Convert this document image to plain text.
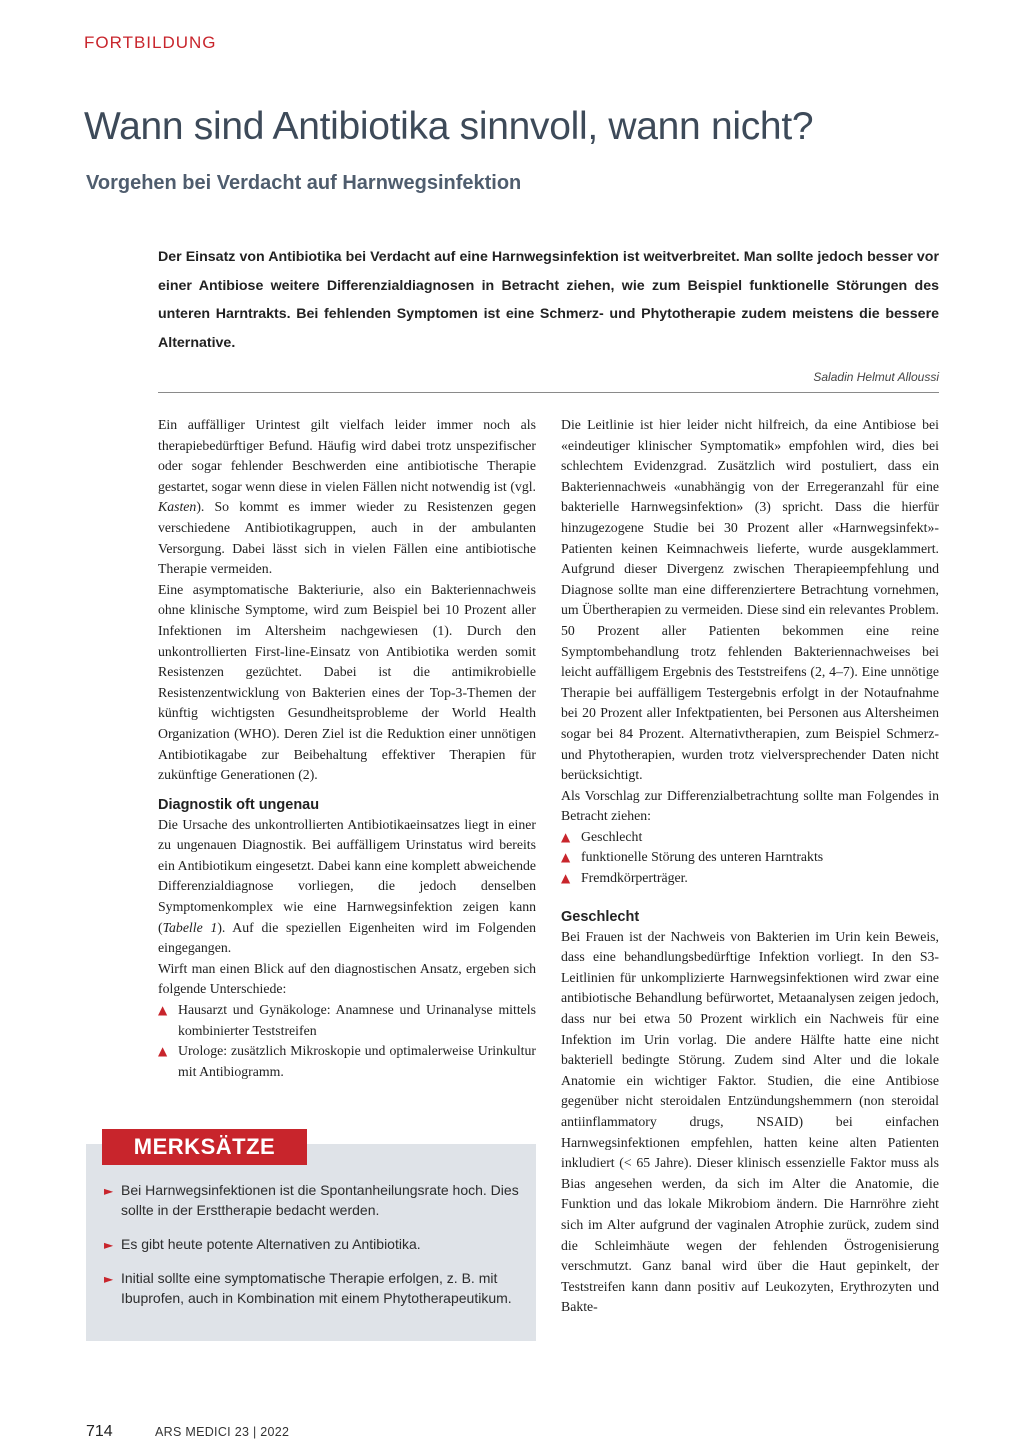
FORTBILDUNG
Wann sind Antibiotika sinnvoll, wann nicht?
Vorgehen bei Verdacht auf Harnwegsinfektion

Der Einsatz von Antibiotika bei Verdacht auf eine Harnwegsinfektion ist weitverbreitet. Man sollte jedoch besser vor einer Antibiose weitere Differenzialdiagnosen in Betracht ziehen, wie zum Beispiel funktionelle Störungen des unteren Harntrakts. Bei fehlenden Symptomen ist eine Schmerz- und Phytotherapie zudem meistens die bessere Alternative.

Saladin Helmut Alloussi

Ein auffälliger Urintest gilt vielfach leider immer noch als therapiebedürftiger Befund. Häufig wird dabei trotz unspezifischer oder sogar fehlender Beschwerden eine antibiotische Therapie gestartet, sogar wenn diese in vielen Fällen nicht notwendig ist (vgl. Kasten). So kommt es immer wieder zu Resistenzen gegen verschiedene Antibiotikagruppen, auch in der ambulanten Versorgung. Dabei lässt sich in vielen Fällen eine antibiotische Therapie vermeiden.

Eine asymptomatische Bakteriurie, also ein Bakteriennachweis ohne klinische Symptome, wird zum Beispiel bei 10 Prozent aller Infektionen im Altersheim nachgewiesen (1). Durch den unkontrollierten First-line-Einsatz von Antibiotika werden somit Resistenzen gezüchtet. Dabei ist die antimikrobielle Resistenzentwicklung von Bakterien eines der Top-3-Themen der künftig wichtigsten Gesundheitsprobleme der World Health Organization (WHO). Deren Ziel ist die Reduktion einer unnötigen Antibiotikagabe zur Beibehaltung effektiver Therapien für zukünftige Generationen (2).

Diagnostik oft ungenau

Die Ursache des unkontrollierten Antibiotikaeinsatzes liegt in einer zu ungenauen Diagnostik. Bei auffälligem Urinstatus wird bereits ein Antibiotikum eingesetzt. Dabei kann eine komplett abweichende Differenzialdiagnose vorliegen, die jedoch denselben Symptomenkomplex wie eine Harnwegsinfektion zeigen kann (Tabelle 1). Auf die speziellen Eigenheiten wird im Folgenden eingegangen.

Wirft man einen Blick auf den diagnostischen Ansatz, ergeben sich folgende Unterschiede:

▲ Hausarzt und Gynäkologe: Anamnese und Urinanalyse mittels kombinierter Teststreifen
▲ Urologe: zusätzlich Mikroskopie und optimalerweise Urinkultur mit Antibiogramm.

Die Leitlinie ist hier leider nicht hilfreich, da eine Antibiose bei «eindeutiger klinischer Symptomatik» empfohlen wird, dies bei schlechtem Evidenzgrad. Zusätzlich wird postuliert, dass ein Bakteriennachweis «unabhängig von der Erregeranzahl für eine bakterielle Harnwegsinfektion» (3) spricht. Dass die hierfür hinzugezogene Studie bei 30 Prozent aller «Harnwegsinfekt»-Patienten keinen Keimnachweis lieferte, wurde ausgeklammert. Aufgrund dieser Divergenz zwischen Therapieempfehlung und Diagnose sollte man eine differenziertere Betrachtung vornehmen, um Übertherapien zu vermeiden. Diese sind ein relevantes Problem. 50 Prozent aller Patienten bekommen eine reine Symptombehandlung trotz fehlenden Bakteriennachweises bei leicht auffälligem Ergebnis des Teststreifens (2, 4–7). Eine unnötige Therapie bei auffälligem Testergebnis erfolgt in der Notaufnahme bei 20 Prozent aller Infektpatienten, bei Personen aus Altersheimen sogar bei 84 Prozent. Alternativtherapien, zum Beispiel Schmerz- und Phytotherapien, wurden trotz vielversprechender Daten nicht berücksichtigt.

Als Vorschlag zur Differenzialbetrachtung sollte man Folgendes in Betracht ziehen:

▲ Geschlecht
▲ funktionelle Störung des unteren Harntrakts
▲ Fremdkörperträger.
Geschlecht

Bei Frauen ist der Nachweis von Bakterien im Urin kein Beweis, dass eine behandlungsbedürftige Infektion vorliegt. In den S3-Leitlinien für unkomplizierte Harnwegsinfektionen wird zwar eine antibiotische Behandlung befürwortet, Metaanalysen zeigen jedoch, dass nur bei etwa 50 Prozent wirklich ein Nachweis für eine Infektion im Urin vorlag. Die andere Hälfte hatte eine nicht bakteriell bedingte Störung. Zudem sind Alter und die lokale Anatomie ein wichtiger Faktor. Studien, die eine Antibiose gegenüber nicht steroidalen Entzündungshemmern (non steroidal antiinflammatory drugs, NSAID) bei einfachen Harnwegsinfektionen empfehlen, hatten keine alten Patienten inkludiert (< 65 Jahre). Dieser klinisch essenzielle Faktor muss als Bias angesehen werden, da sich im Alter die Anatomie, die Funktion und das lokale Mikrobiom ändern. Die Harnröhre zieht sich im Alter aufgrund der vaginalen Atrophie zurück, zudem sind die Schleimhäute wegen der fehlenden Östrogenisierung verschmutzt. Ganz banal wird über die Haut gepinkelt, der Teststreifen kann dann positiv auf Leukozyten, Erythrozyten und Bakte-

MERKSÄTZE
► Bei Harnwegsinfektionen ist die Spontanheilungsrate hoch. Dies sollte in der Ersttherapie bedacht werden.
► Es gibt heute potente Alternativen zu Antibiotika.
► Initial sollte eine symptomatische Therapie erfolgen, z. B. mit Ibuprofen, auch in Kombination mit einem Phytotherapeutikum.
714	ARS MEDICI 23 | 2022
